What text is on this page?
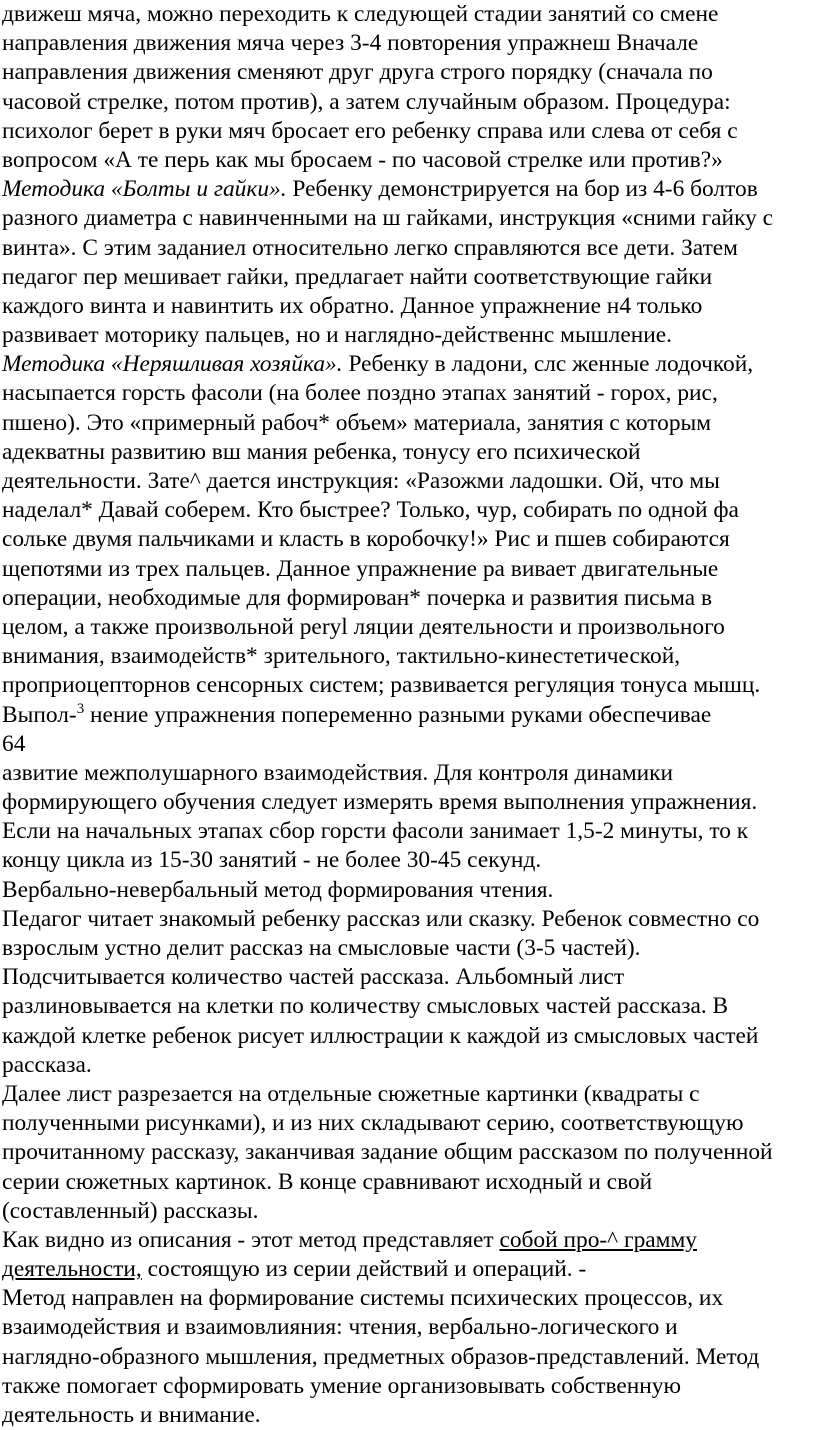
движеш мяча, можно переходить к следующей стадии занятий со смене
направления движения мяча через 3-4 повторения упражнеш Вначале
направления движения сменяют друг друга строго порядку (сначала по
часовой стрелке, потом против), а затем случайным образом. Процедура:
психолог берет в руки мяч бросает его ребенку справа или слева от себя с
вопросом «А те перь как мы бросаем - по часовой стрелке или против?»
Методика «Болты и гайки». Ребенку демонстрируется на бор из 4-6 болтов
разного диаметра с навинченными на ш гайками, инструкция «сними гайку с
винта». С этим заданиел относительно легко справляются все дети. Затем
педагог пер мешивает гайки, предлагает найти соответствующие гайки
каждого винта и навинтить их обратно. Данное упражнение н4 только
развивает моторику пальцев, но и наглядно-действеннс мышление.
Методика «Неряшливая хозяйка». Ребенку в ладони, слс женные лодочкой,
насыпается горсть фасоли (на более поздно этапах занятий - горох, рис,
пшено). Это «примерный рабоч* объем» материала, занятия с которым
адекватны развитию вш мания ребенка, тонусу его психической
деятельности. Зате^ дается инструкция: «Разожми ладошки. Ой, что мы
наделал* Давай соберем. Кто быстрее? Только, чур, собирать по одной фа
сольке двумя пальчиками и класть в коробочку!» Рис и пшев собираются
щепотями из трех пальцев. Данное упражнение ра вивает двигательные
операции, необходимые для формирован* почерка и развития письма в
целом, а также произвольной peryl ляции деятельности и произвольного
внимания, взаимодейств* зрительного, тактильно-кинестетической,
проприоцепторнов сенсорных систем; развивается регуляция тонуса мышц.
Выпол-$^3$ нение упражнения попеременно разными руками обеспечивае
64
азвитие межполушарного взаимодействия. Для контроля динамики
формирующего обучения следует измерять время выполнения упражнения.
Если на начальных этапах сбор горсти фасоли занимает 1,5-2 минуты, то к
концу цикла из 15-30 занятий - не более 30-45 секунд.
Вербально-невербальный метод формирования чтения.
Педагог читает знакомый ребенку рассказ или сказку. Ребенок совместно со
взрослым устно делит рассказ на смысловые части (3-5 частей).
Подсчитывается количество частей рассказа. Альбомный лист
разлиновывается на клетки по количеству смысловых частей рассказа. В
каждой клетке ребенок рисует иллюстрации к каждой из смысловых частей
рассказа.
Далее лист разрезается на отдельные сюжетные картинки (квадраты с
полученными рисунками), и из них складывают серию, соответствующую
прочитанному рассказу, заканчивая задание общим рассказом по полученной
серии сюжетных картинок. В конце сравнивают исходный и свой
(составленный) рассказы.
Как видно из описания - этот метод представляет собой про-^ грамму
деятельности, состоящую из серии действий и операций. -
Метод направлен на формирование системы психических процессов, их
взаимодействия и взаимовлияния: чтения, вербально-логического и
наглядно-образного мышления, предметных образов-представлений. Метод
также помогает сформировать умение организовывать собственную
деятельность и внимание.
